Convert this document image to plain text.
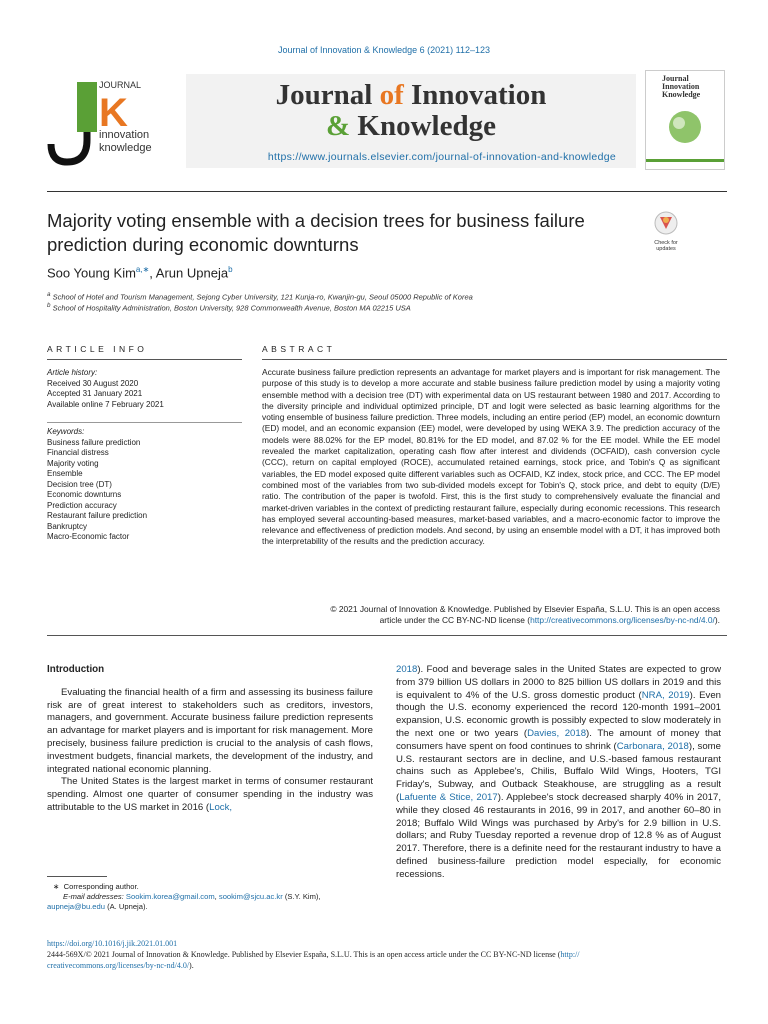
Journal of Innovation & Knowledge 6 (2021) 112–123
JOURNAL
K
innovation
knowledge
Journal of Innovation
& Knowledge
https://www.journals.elsevier.com/journal-of-innovation-and-knowledge
Journal
Innovation
Knowledge
Majority voting ensemble with a decision trees for business failure prediction during economic downturns	Check for updates
Soo Young Kim$^{a,∗}$, Arun Upneja$^b$
$^a$ School of Hotel and Tourism Management, Sejong Cyber University, 121 Kunja-ro, Kwanjin-gu, Seoul 05000 Republic of Korea
$^b$ School of Hospitality Administration, Boston University, 928 Commonwealth Avenue, Boston MA 02215 USA
ARTICLE INFO
Article history:
Received 30 August 2020
Accepted 31 January 2021
Available online 7 February 2021
Keywords:
Business failure prediction
Financial distress
Majority voting
Ensemble
Decision tree (DT)
Economic downturns
Prediction accuracy
Restaurant failure prediction
Bankruptcy
Macro-Economic factor
ABSTRACT
Accurate business failure prediction represents an advantage for market players and is important for risk management. The purpose of this study is to develop a more accurate and stable business failure prediction model by using a majority voting ensemble method with a decision tree (DT) with experimental data on US restaurant between 1980 and 2017. According to the diversity principle and individual optimized principle, DT and logit were selected as basic learning algorithms for the voting ensemble of business failure prediction. Three models, including an entire period (EP) model, an economic downturn (ED) model, and an economic expansion (EE) model, were developed by using WEKA 3.9. The prediction accuracy of the models were 88.02% for the EP model, 80.81% for the ED model, and 87.02 % for the EE model. While the EE model revealed the market capitalization, operating cash flow after interest and dividends (OCFAID), cash conversion cycle (CCC), return on capital employed (ROCE), accumulated retained earnings, stock price, and Tobin's Q as significant variables, the ED model exposed quite different variables such as OCFAID, KZ index, stock price, and CCC. The EP model combined most of the variables from two sub-divided models except for Tobin's Q, stock price, and debt to equity (D/E) ratio. The contribution of the paper is twofold. First, this is the first study to comprehensively evaluate the financial and market-driven variables in the context of predicting restaurant failure, especially during economic recessions. This research has employed several accounting-based measures, market-based variables, and a macro-economic factor to improve the relevance and effectiveness of prediction models. And second, by using an ensemble model with a DT, it has improved both the interpretability of the results and the prediction accuracy.
© 2021 Journal of Innovation & Knowledge. Published by Elsevier España, S.L.U. This is an open access
article under the CC BY-NC-ND license (http://creativecommons.org/licenses/by-nc-nd/4.0/).
Introduction

Evaluating the financial health of a firm and assessing its business failure risk are of great interest to stakeholders such as creditors, investors, managers, and government. Accurate business failure prediction represents an advantage for market players and is important for risk management. More precisely, business failure prediction is crucial to the analysis of cash flows, investment budgets, financial markets, the development of the industry, and integrated national economic planning.

The United States is the largest market in terms of consumer restaurant spending. Almost one quarter of consumer spending in the industry was attributable to the US market in 2016 (Lock,

2018). Food and beverage sales in the United States are expected to grow from 379 billion US dollars in 2000 to 825 billion US dollars in 2019 and this is equivalent to 4% of the U.S. gross domestic product (NRA, 2019). Even though the U.S. economy experienced the record 120-month 1991–2001 expansion, U.S. economic growth is possibly expected to slow moderately in the next one or two years (Davies, 2018). The amount of money that consumers have spent on food continues to shrink (Carbonara, 2018), some U.S. restaurant sectors are in decline, and U.S.-based famous restaurant chains such as Applebee's, Chilis, Buffalo Wild Wings, Hooters, TGI Friday's, Subway, and Outback Steakhouse, are struggling as a result (Lafuente & Stice, 2017). Applebee's stock decreased sharply 40% in 2017, while they closed 46 restaurants in 2016, 99 in 2017, and another 60–80 in 2018; Buffalo Wild Wings was purchased by Arby's for 2.9 billion in U.S. dollars; and Ruby Tuesday reported a revenue drop of 12.8 % as of August 2017. Therefore, there is a definite need for the restaurant industry to have a defined business-failure prediction model especially, for economic recessions.
∗ Corresponding author.
E-mail addresses: Sookim.korea@gmail.com, sookim@sjcu.ac.kr (S.Y. Kim),
aupneja@bu.edu (A. Upneja).
https://doi.org/10.1016/j.jik.2021.01.001
2444-569X/© 2021 Journal of Innovation & Knowledge. Published by Elsevier España, S.L.U. This is an open access article under the CC BY-NC-ND license (http://
creativecommons.org/licenses/by-nc-nd/4.0/).
